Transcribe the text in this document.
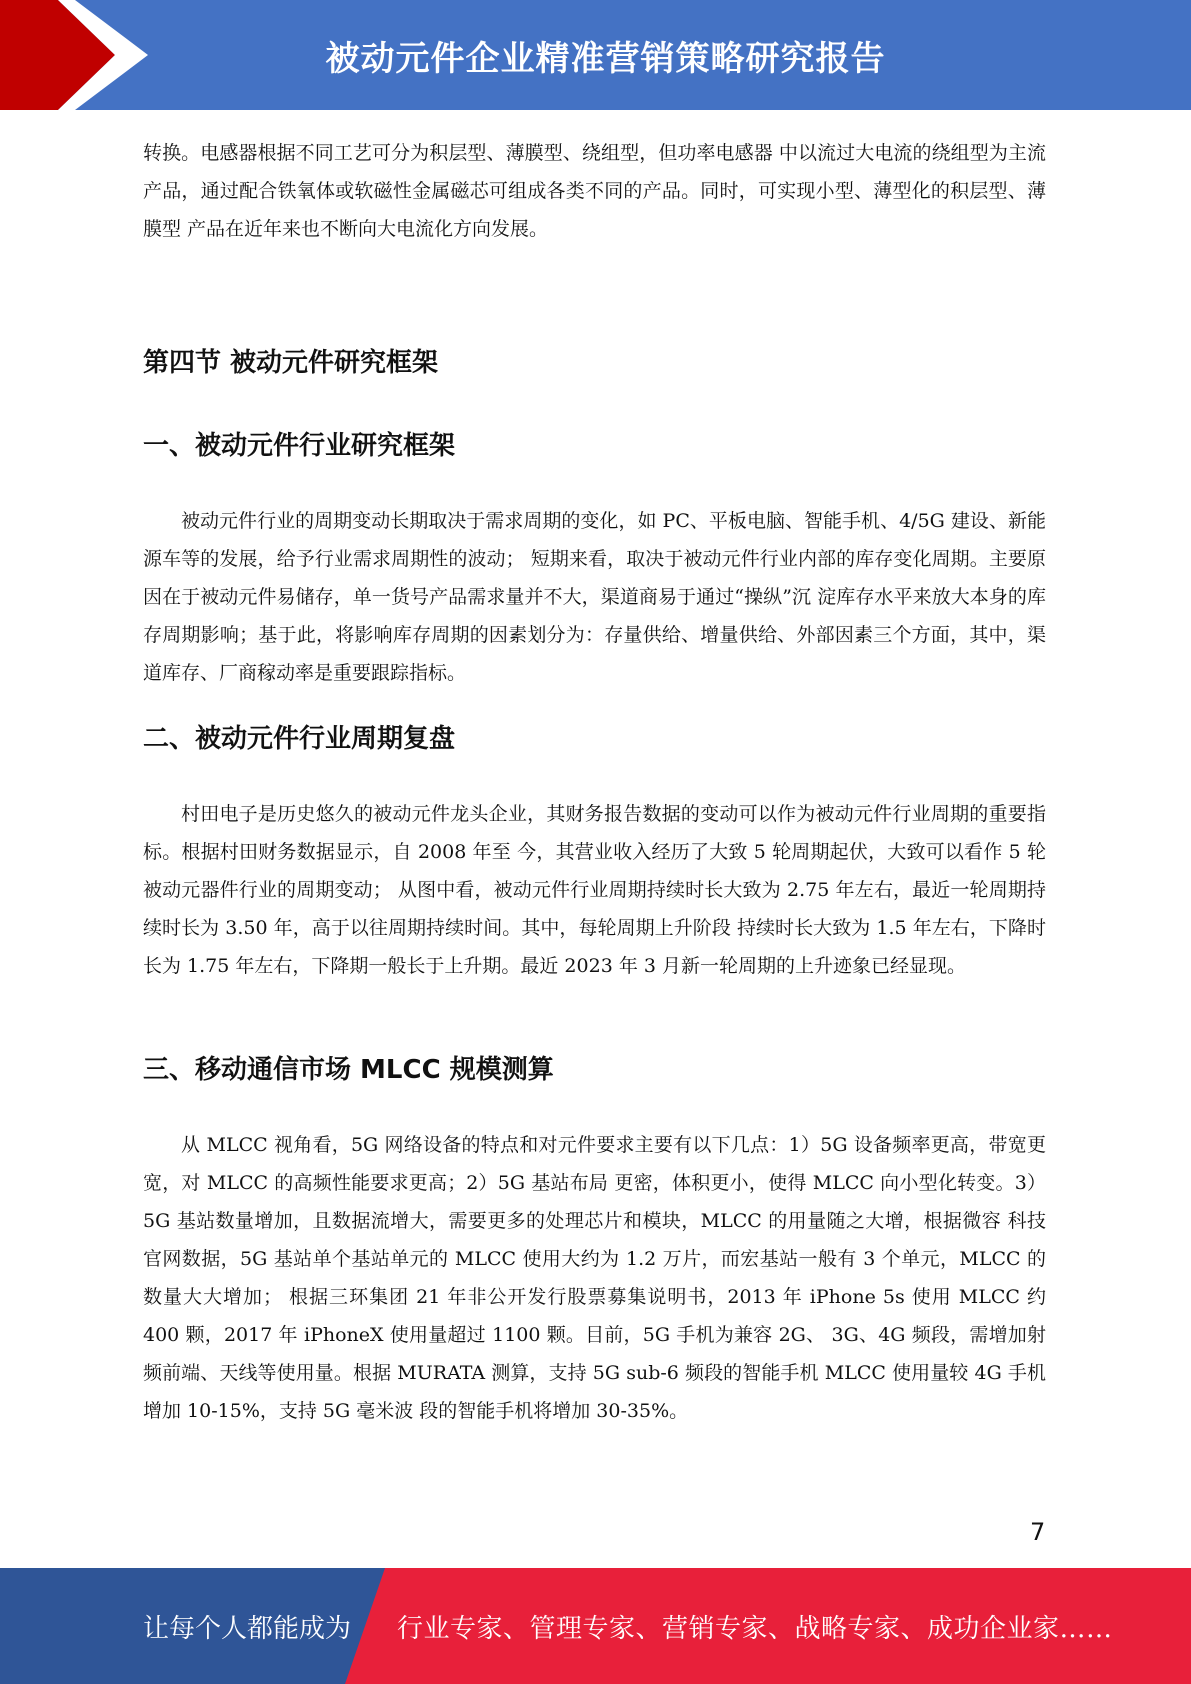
被动元件企业精准营销策略研究报告

转换。电感器根据不同工艺可分为积层型、薄膜型、绕组型，但功率电感器 中以流过大电流的绕组型为主流产品，通过配合铁氧体或软磁性金属磁芯可组成各类不同的产品。同时，可实现小型、薄型化的积层型、薄膜型 产品在近年来也不断向大电流化方向发展。

第四节 被动元件研究框架
一、被动元件行业研究框架

被动元件行业的周期变动长期取决于需求周期的变化，如 PC、平板电脑、智能手机、4/5G 建设、新能源车等的发展，给予行业需求周期性的波动； 短期来看，取决于被动元件行业内部的库存变化周期。主要原因在于被动元件易储存，单一货号产品需求量并不大，渠道商易于通过“操纵”沉 淀库存水平来放大本身的库存周期影响；基于此，将影响库存周期的因素划分为：存量供给、增量供给、外部因素三个方面，其中，渠道库存、厂商稼动率是重要跟踪指标。

二、被动元件行业周期复盘

村田电子是历史悠久的被动元件龙头企业，其财务报告数据的变动可以作为被动元件行业周期的重要指标。根据村田财务数据显示，自 2008 年至 今，其营业收入经历了大致 5 轮周期起伏，大致可以看作 5 轮被动元器件行业的周期变动； 从图中看，被动元件行业周期持续时长大致为 2.75 年左右，最近一轮周期持续时长为 3.50 年，高于以往周期持续时间。其中，每轮周期上升阶段 持续时长大致为 1.5 年左右，下降时长为 1.75 年左右，下降期一般长于上升期。最近 2023 年 3 月新一轮周期的上升迹象已经显现。

三、移动通信市场 MLCC 规模测算

从 MLCC 视角看，5G 网络设备的特点和对元件要求主要有以下几点：1）5G 设备频率更高，带宽更宽，对 MLCC 的高频性能要求更高；2）5G 基站布局 更密，体积更小，使得 MLCC 向小型化转变。3）5G 基站数量增加，且数据流增大，需要更多的处理芯片和模块，MLCC 的用量随之大增，根据微容 科技官网数据，5G 基站单个基站单元的 MLCC 使用大约为 1.2 万片，而宏基站一般有 3 个单元，MLCC 的数量大大增加； 根据三环集团 21 年非公开发行股票募集说明书，2013 年 iPhone 5s 使用 MLCC 约 400 颗，2017 年 iPhoneX 使用量超过 1100 颗。目前，5G 手机为兼容 2G、 3G、4G 频段，需增加射频前端、天线等使用量。根据 MURATA 测算，支持 5G sub-6 频段的智能手机 MLCC 使用量较 4G 手机增加 10-15%，支持 5G 毫米波 段的智能手机将增加 30-35%。

7
让每个人都能成为 行业专家、管理专家、营销专家、战略专家、成功企业家……
